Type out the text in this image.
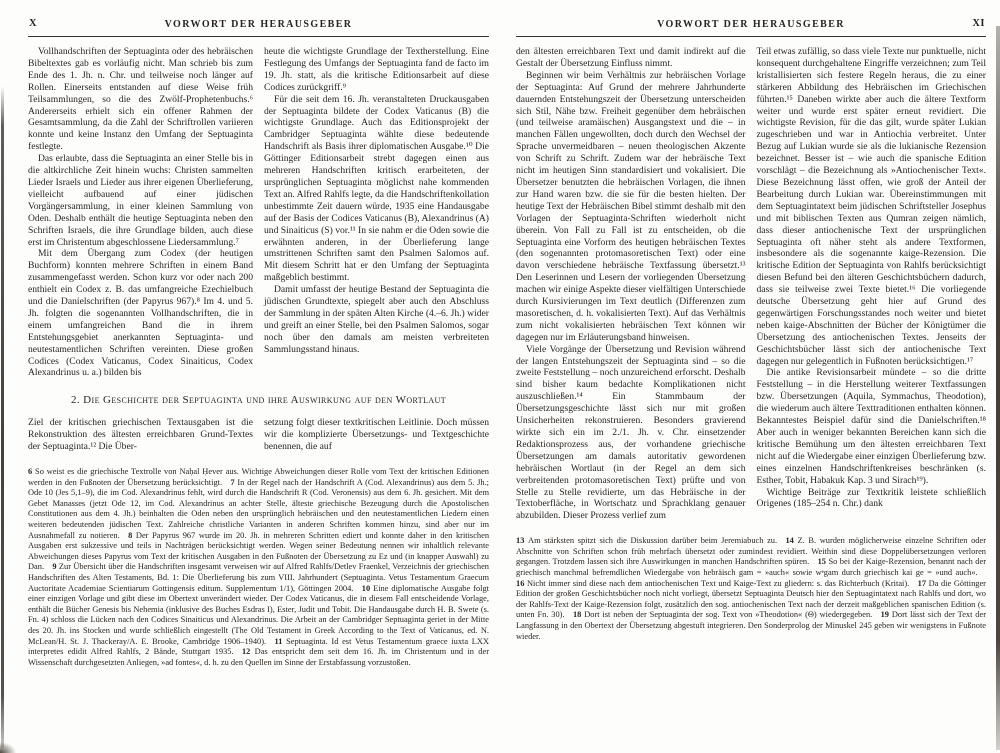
X	VORWORT DER HERAUSGEBER

Vollhandschriften der Septuaginta oder des hebräischen Bibeltextes gab es vorläufig nicht. Man schrieb bis zum Ende des 1. Jh. n. Chr. und teilweise noch länger auf Rollen. Einerseits entstanden auf diese Weise früh Teilsammlungen, so die des Zwölf-Prophetenbuchs.⁶ Andererseits erhielt sich ein offener Rahmen der Gesamtsammlung, da die Zahl der Schriftrollen variieren konnte und keine Instanz den Umfang der Septuaginta festlegte.

Das erlaubte, dass die Septuaginta an einer Stelle bis in die altkirchliche Zeit hinein wuchs: Christen sammelten Lieder Israels und Lieder aus ihrer eigenen Überlieferung, vielleicht aufbauend auf einer jüdischen Vorgängersammlung, in einer kleinen Sammlung von Oden. Deshalb enthält die heutige Septuaginta neben den Schriften Israels, die ihre Grundlage bilden, auch diese erst im Christentum abgeschlossene Liedersammlung.⁷

Mit dem Übergang zum Codex (der heutigen Buchform) konnten mehrere Schriften in einem Band zusammengefasst werden. Schon kurz vor oder nach 200 enthielt ein Codex z. B. das umfangreiche Ezechielbuch und die Danielschriften (der Papyrus 967).⁸ Im 4. und 5. Jh. folgten die sogenannten Vollhandschriften, die in einem umfangreichen Band die in ihrem Entstehungsgebiet anerkannten Septuaginta- und neutestamentlichen Schriften vereinten. Diese großen Codices (Codex Vaticanus, Codex Sinaiticus, Codex Alexandrinus u. a.) bilden bis

heute die wichtigste Grundlage der Textherstellung. Eine Festlegung des Umfangs der Septuaginta fand de facto im 19. Jh. statt, als die kritische Editionsarbeit auf diese Codices zurückgriff.⁹

Für die seit dem 16. Jh. veranstalteten Druckausgaben der Septuaginta bildete der Codex Vaticanus (B) die wichtigste Grundlage. Auch das Editionsprojekt der Cambridger Septuaginta wählte diese bedeutende Handschrift als Basis ihrer diplomatischen Ausgabe.¹⁰ Die Göttinger Editionsarbeit strebt dagegen einen aus mehreren Handschriften kritisch erarbeiteten, der ursprünglichen Septuaginta möglichst nahe kommenden Text an. Alfred Rahlfs legte, da die Handschriftenkollation unbestimmte Zeit dauern würde, 1935 eine Handausgabe auf der Basis der Codices Vaticanus (B), Alexandrinus (A) und Sinaiticus (S) vor.¹¹ In sie nahm er die Oden sowie die erwähnten anderen, in der Überlieferung lange umstrittenen Schriften samt den Psalmen Salomos auf. Mit diesem Schritt hat er den Umfang der Septuaginta maßgeblich bestimmt.

Damit umfasst der heutige Bestand der Septuaginta die jüdischen Grundtexte, spiegelt aber auch den Abschluss der Sammlung in der späten Alten Kirche (4.–6. Jh.) wider und greift an einer Stelle, bei den Psalmen Salomos, sogar noch über den damals am meisten verbreiteten Sammlungsstand hinaus.

2. Die Geschichte der Septuaginta und ihre Auswirkung auf den Wortlaut

Ziel der kritischen griechischen Textausgaben ist die Rekonstruktion des ältesten erreichbaren Grund-Textes der Septuaginta.¹² Die Über-

setzung folgt dieser textkritischen Leitlinie. Doch müssen wir die komplizierte Übersetzungs- und Textgeschichte benennen, die auf

6 So weist es die griechische Textrolle von Naḥal Ḥever aus. Wichtige Abweichungen dieser Rolle vom Text der kritischen Editionen werden in den Fußnoten der Übersetzung berücksichtigt.   7 In der Regel nach der Handschrift A (Cod. Alexandrinus) aus dem 5. Jh.; Ode 10 (Jes 5,1–9), die im Cod. Alexandrinus fehlt, wird durch die Handschrift R (Cod. Veronensis) aus dem 6. Jh. gesichert. Mit dem Gebet Manasses (jetzt Ode 12, im Cod. Alexandrinus an achter Stelle, älteste griechische Bezeugung durch die Apostolischen Constitutionen aus dem 4. Jh.) beinhalten die Oden neben den ursprünglich hebräischen und den neutestamentlichen Liedern einen weiteren bedeutenden jüdischen Text. Zahlreiche christliche Varianten in anderen Schriften kommen hinzu, sind aber nur im Ausnahmefall zu notieren.   8 Der Papyrus 967 wurde im 20. Jh. in mehreren Schritten ediert und konnte daher in den kritischen Ausgaben erst sukzessive und teils in Nachträgen berücksichtigt werden. Wegen seiner Bedeutung nennen wir inhaltlich relevante Abweichungen dieses Papyrus vom Text der kritischen Ausgaben in den Fußnoten der Übersetzung zu Ez und (in knapper Auswahl) zu Dan.   9 Zur Übersicht über die Handschriften insgesamt verweisen wir auf Alfred Rahlfs/Detlev Fraenkel, Verzeichnis der griechischen Handschriften des Alten Testaments, Bd. 1: Die Überlieferung bis zum VIII. Jahrhundert (Septuaginta. Vetus Testamentum Graecum Auctoritate Academiae Scientiarum Gottingensis editum. Supplementum 1/1), Göttingen 2004.   10 Eine diplomatische Ausgabe folgt einer einzigen Vorlage und gibt diese im Obertext unverändert wieder. Der Codex Vaticanus, die in diesem Fall entscheidende Vorlage, enthält die Bücher Genesis bis Nehemia (inklusive des Buches Esdras I), Ester, Judit und Tobit. Die Handausgabe durch H. B. Swete (s. Fn. 4) schloss die Lücken nach den Codices Sinaiticus und Alexandrinus. Die Arbeit an der Cambridger Septuaginta geriet in der Mitte des 20. Jh. ins Stocken und wurde schließlich eingestellt (The Old Testament in Greek According to the Text of Vaticanus, ed. N. McLean/H. St. J. Thackeray/A. E. Brooke, Cambridge 1906–1940).   11 Septuaginta. Id est Vetus Testamentum graece iuxta LXX interpretes edidit Alfred Rahlfs, 2 Bände, Stuttgart 1935.   12 Das entspricht dem seit dem 16. Jh. im Christentum und in der Wissenschaft durchgesetzten Anliegen, »ad fontes«, d. h. zu den Quellen im Sinne der Erstabfassung vorzustoßen.
VORWORT DER HERAUSGEBER	XI

den ältesten erreichbaren Text und damit indirekt auf die Gestalt der Übersetzung Einfluss nimmt.

Beginnen wir beim Verhältnis zur hebräischen Vorlage der Septuaginta: Auf Grund der mehrere Jahrhunderte dauernden Entstehungszeit der Übersetzung unterscheiden sich Stil, Nähe bzw. Freiheit gegenüber dem hebräischen (und teilweise aramäischen) Ausgangstext und die – in manchen Fällen ungewollten, doch durch den Wechsel der Sprache unvermeidbaren – neuen theologischen Akzente von Schrift zu Schrift. Zudem war der hebräische Text nicht im heutigen Sinn standardisiert und vokalisiert. Die Übersetzer benutzten die hebräischen Vorlagen, die ihnen zur Hand waren bzw. die sie für die besten hielten. Der heutige Text der Hebräischen Bibel stimmt deshalb mit den Vorlagen der Septuaginta-Schriften wiederholt nicht überein. Von Fall zu Fall ist zu entscheiden, ob die Septuaginta eine Vorform des heutigen hebräischen Textes (den sogenannten protomasoretischen Text) oder eine davon verschiedene hebräische Textfassung übersetzt.¹³ Den Leserinnen und Lesern der vorliegenden Übersetzung machen wir einige Aspekte dieser vielfältigen Unterschiede durch Kursivierungen im Text deutlich (Differenzen zum masoretischen, d. h. vokalisierten Text). Auf das Verhältnis zum nicht vokalisierten hebräischen Text können wir dagegen nur im Erläuterungsband hinweisen.

Viele Vorgänge der Übersetzung und Revision während der langen Entstehungszeit der Septuaginta sind – so die zweite Feststellung – noch unzureichend erforscht. Deshalb sind bisher kaum bedachte Komplikationen nicht auszuschließen.¹⁴ Ein Stammbaum der Übersetzungsgeschichte lässt sich nur mit großen Unsicherheiten rekonstruieren. Besonders gravierend wirkte sich ein im 2./1. Jh. v. Chr. einsetzender Redaktionsprozess aus, der vorhandene griechische Übersetzungen am damals autoritativ gewordenen hebräischen Wortlaut (in der Regel an dem sich verbreitenden protomasoretischen Text) prüfte und von Stelle zu Stelle revidierte, um das Hebräische in der Textoberfläche, in Wortschatz und Sprachklang genauer abzubilden. Dieser Prozess verlief zum

Teil etwas zufällig, so dass viele Texte nur punktuelle, nicht konsequent durchgehaltene Eingriffe verzeichnen; zum Teil kristallisierten sich festere Regeln heraus, die zu einer stärkeren Abbildung des Hebräischen im Griechischen führten.¹⁵ Daneben wirkte aber auch die ältere Textform weiter und wurde erst später erneut revidiert. Die wichtigste Revision, für die das gilt, wurde später Lukian zugeschrieben und war in Antiochia verbreitet. Unter Bezug auf Lukian wurde sie als die lukianische Rezension bezeichnet. Besser ist – wie auch die spanische Edition vorschlägt – die Bezeichnung als »Antiochenischer Text«. Diese Bezeichnung lässt offen, wie groß der Anteil der Bearbeitung durch Lukian war. Übereinstimmungen mit dem Septuagintatext beim jüdischen Schriftsteller Josephus und mit biblischen Texten aus Qumran zeigen nämlich, dass dieser antiochenische Text der ursprünglichen Septuaginta oft näher steht als andere Textformen, insbesondere als die sogenannte kaige-Rezension. Die kritische Edition der Septuaginta von Rahlfs berücksichtigt diesen Befund bei den älteren Geschichtsbüchern dadurch, dass sie teilweise zwei Texte bietet.¹⁶ Die vorliegende deutsche Übersetzung geht hier auf Grund des gegenwärtigen Forschungsstandes noch weiter und bietet neben kaige-Abschnitten der Bücher der Königtümer die Übersetzung des antiochenischen Textes. Jenseits der Geschichtsbücher lässt sich der antiochenische Text dagegen nur gelegentlich in Fußnoten berücksichtigen.¹⁷

Die antike Revisionsarbeit mündete – so die dritte Feststellung – in die Herstellung weiterer Textfassungen bzw. Übersetzungen (Aquila, Symmachus, Theodotion), die wiederum auch ältere Texttraditionen enthalten können. Bekanntestes Beispiel dafür sind die Danielschriften.¹⁸ Aber auch in weniger bekannten Bereichen kann sich die kritische Bemühung um den ältesten erreichbaren Text nicht auf die Wiedergabe einer einzigen Überlieferung bzw. eines einzelnen Handschriftenkreises beschränken (s. Esther, Tobit, Habakuk Kap. 3 und Sirach¹⁹).

Wichtige Beiträge zur Textkritik leistete schließlich Origenes (185–254 n. Chr.) dank

13 Am stärksten spitzt sich die Diskussion darüber beim Jeremiabuch zu.   14 Z. B. wurden möglicherweise einzelne Schriften oder Abschnitte von Schriften schon früh mehrfach übersetzt oder zumindest revidiert. Weithin sind diese Doppelübersetzungen verloren gegangen. Trotzdem lassen sich ihre Auswirkungen in manchen Handschriften spüren.   15 So bei der Kaige-Rezension, benannt nach der griechisch manchmal befremdlichen Wiedergabe von hebräisch gam = »auch« sowie wᵉgam durch griechisch kai ge = »und auch«.  16 Nicht immer sind diese nach dem antiochenischen Text und Kaige-Text zu gliedern: s. das Richterbuch (Kritai).   17 Da die Göttinger Edition der großen Geschichtsbücher noch nicht vorliegt, übersetzt Septuaginta Deutsch hier den Septuagintatext nach Rahlfs und dort, wo der Rahlfs-Text der Kaige-Rezension folgt, zusätzlich den sog. antiochenischen Text nach der derzeit maßgeblichen spanischen Edition (s. unten Fn. 30).   18 Dort ist neben der Septuaginta der sog. Text von »Theodotion« (Θ) wiedergegeben.   19 Dort lässt sich der Text der Langfassung in den Obertext der Übersetzung abgestuft integrieren. Den Sonderprolog der Minuskel 245 geben wir wenigstens in Fußnote wieder.
